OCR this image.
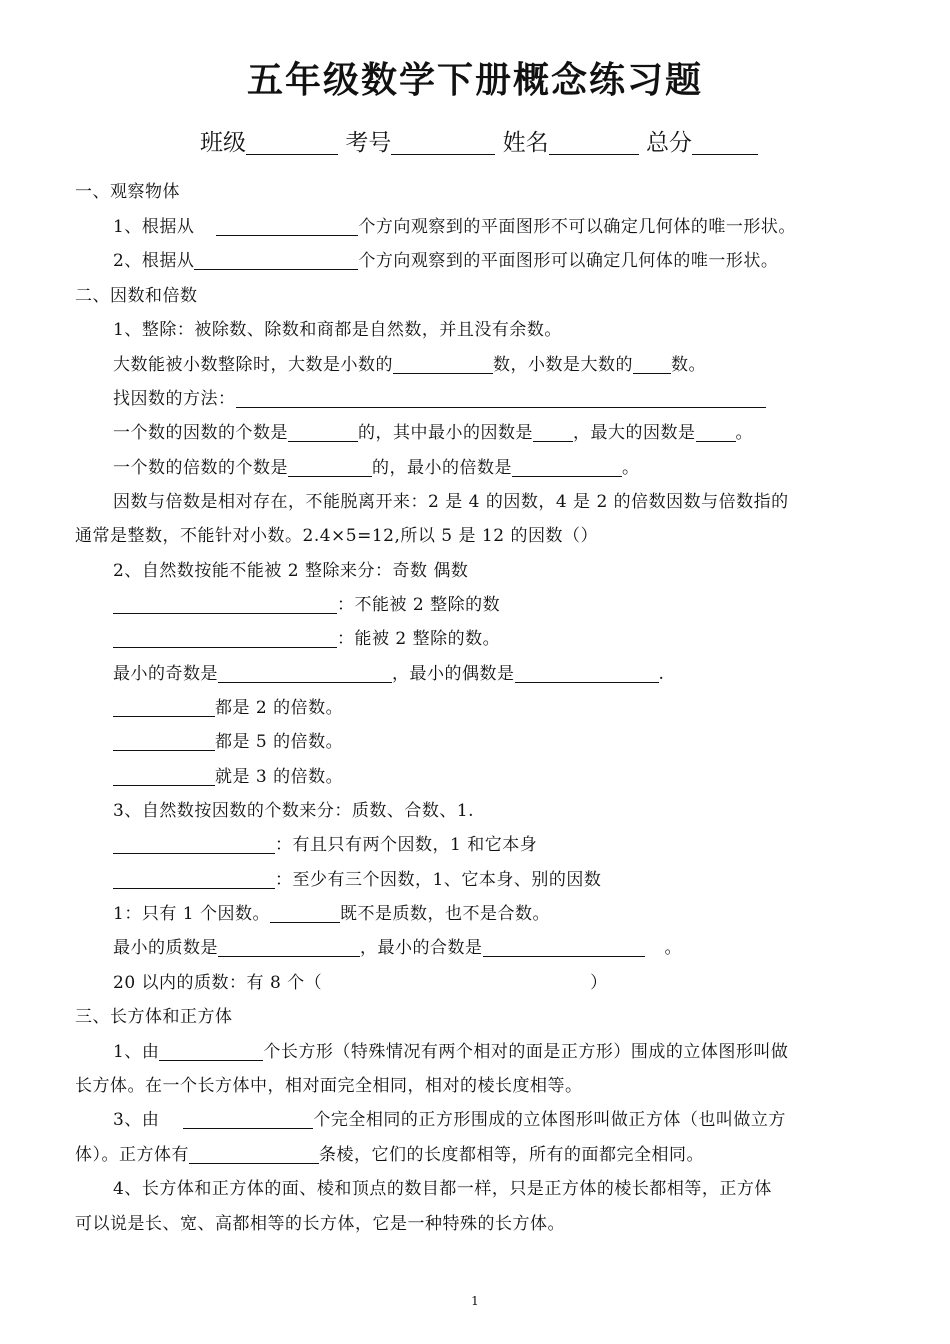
五年级数学下册概念练习题
班级	考号	姓名	总分
一、观察物体
1、根据从	个方向观察到的平面图形不可以确定几何体的唯一形状。
2、根据从	个方向观察到的平面图形可以确定几何体的唯一形状。
二、因数和倍数
1、整除：被除数、除数和商都是自然数，并且没有余数。
大数能被小数整除时，大数是小数的	数，小数是大数的 数。
找因数的方法：
一个数的因数的个数是	的，其中最小的因数是 ，最大的因数是 。
一个数的倍数的个数是	的，最小的倍数是	。
因数与倍数是相对存在，不能脱离开来：2 是 4 的因数，4 是 2 的倍数因数与倍数指的
通常是整数，不能针对小数。2.4×5=12,所以 5 是 12 的因数（）
2、自然数按能不能被 2 整除来分：奇数 偶数
：不能被 2 整除的数
：能被 2 整除的数。
最小的奇数是	，最小的偶数是	.
都是 2 的倍数。
都是 5 的倍数。
就是 3 的倍数。
3、自然数按因数的个数来分：质数、合数、1.
：有且只有两个因数，1 和它本身
：至少有三个因数，1、它本身、别的因数
1：只有 1 个因数。	既不是质数，也不是合数。
最小的质数是	，最小的合数是	。
20 以内的质数：有 8 个（	）
三、长方体和正方体
1、由	个长方形（特殊情况有两个相对的面是正方形）围成的立体图形叫做
长方体。在一个长方体中，相对面完全相同，相对的棱长度相等。
3、由	个完全相同的正方形围成的立体图形叫做正方体（也叫做立方
体）。正方体有	条棱，它们的长度都相等，所有的面都完全相同。
4、长方体和正方体的面、棱和顶点的数目都一样，只是正方体的棱长都相等，正方体
可以说是长、宽、高都相等的长方体，它是一种特殊的长方体。
1
